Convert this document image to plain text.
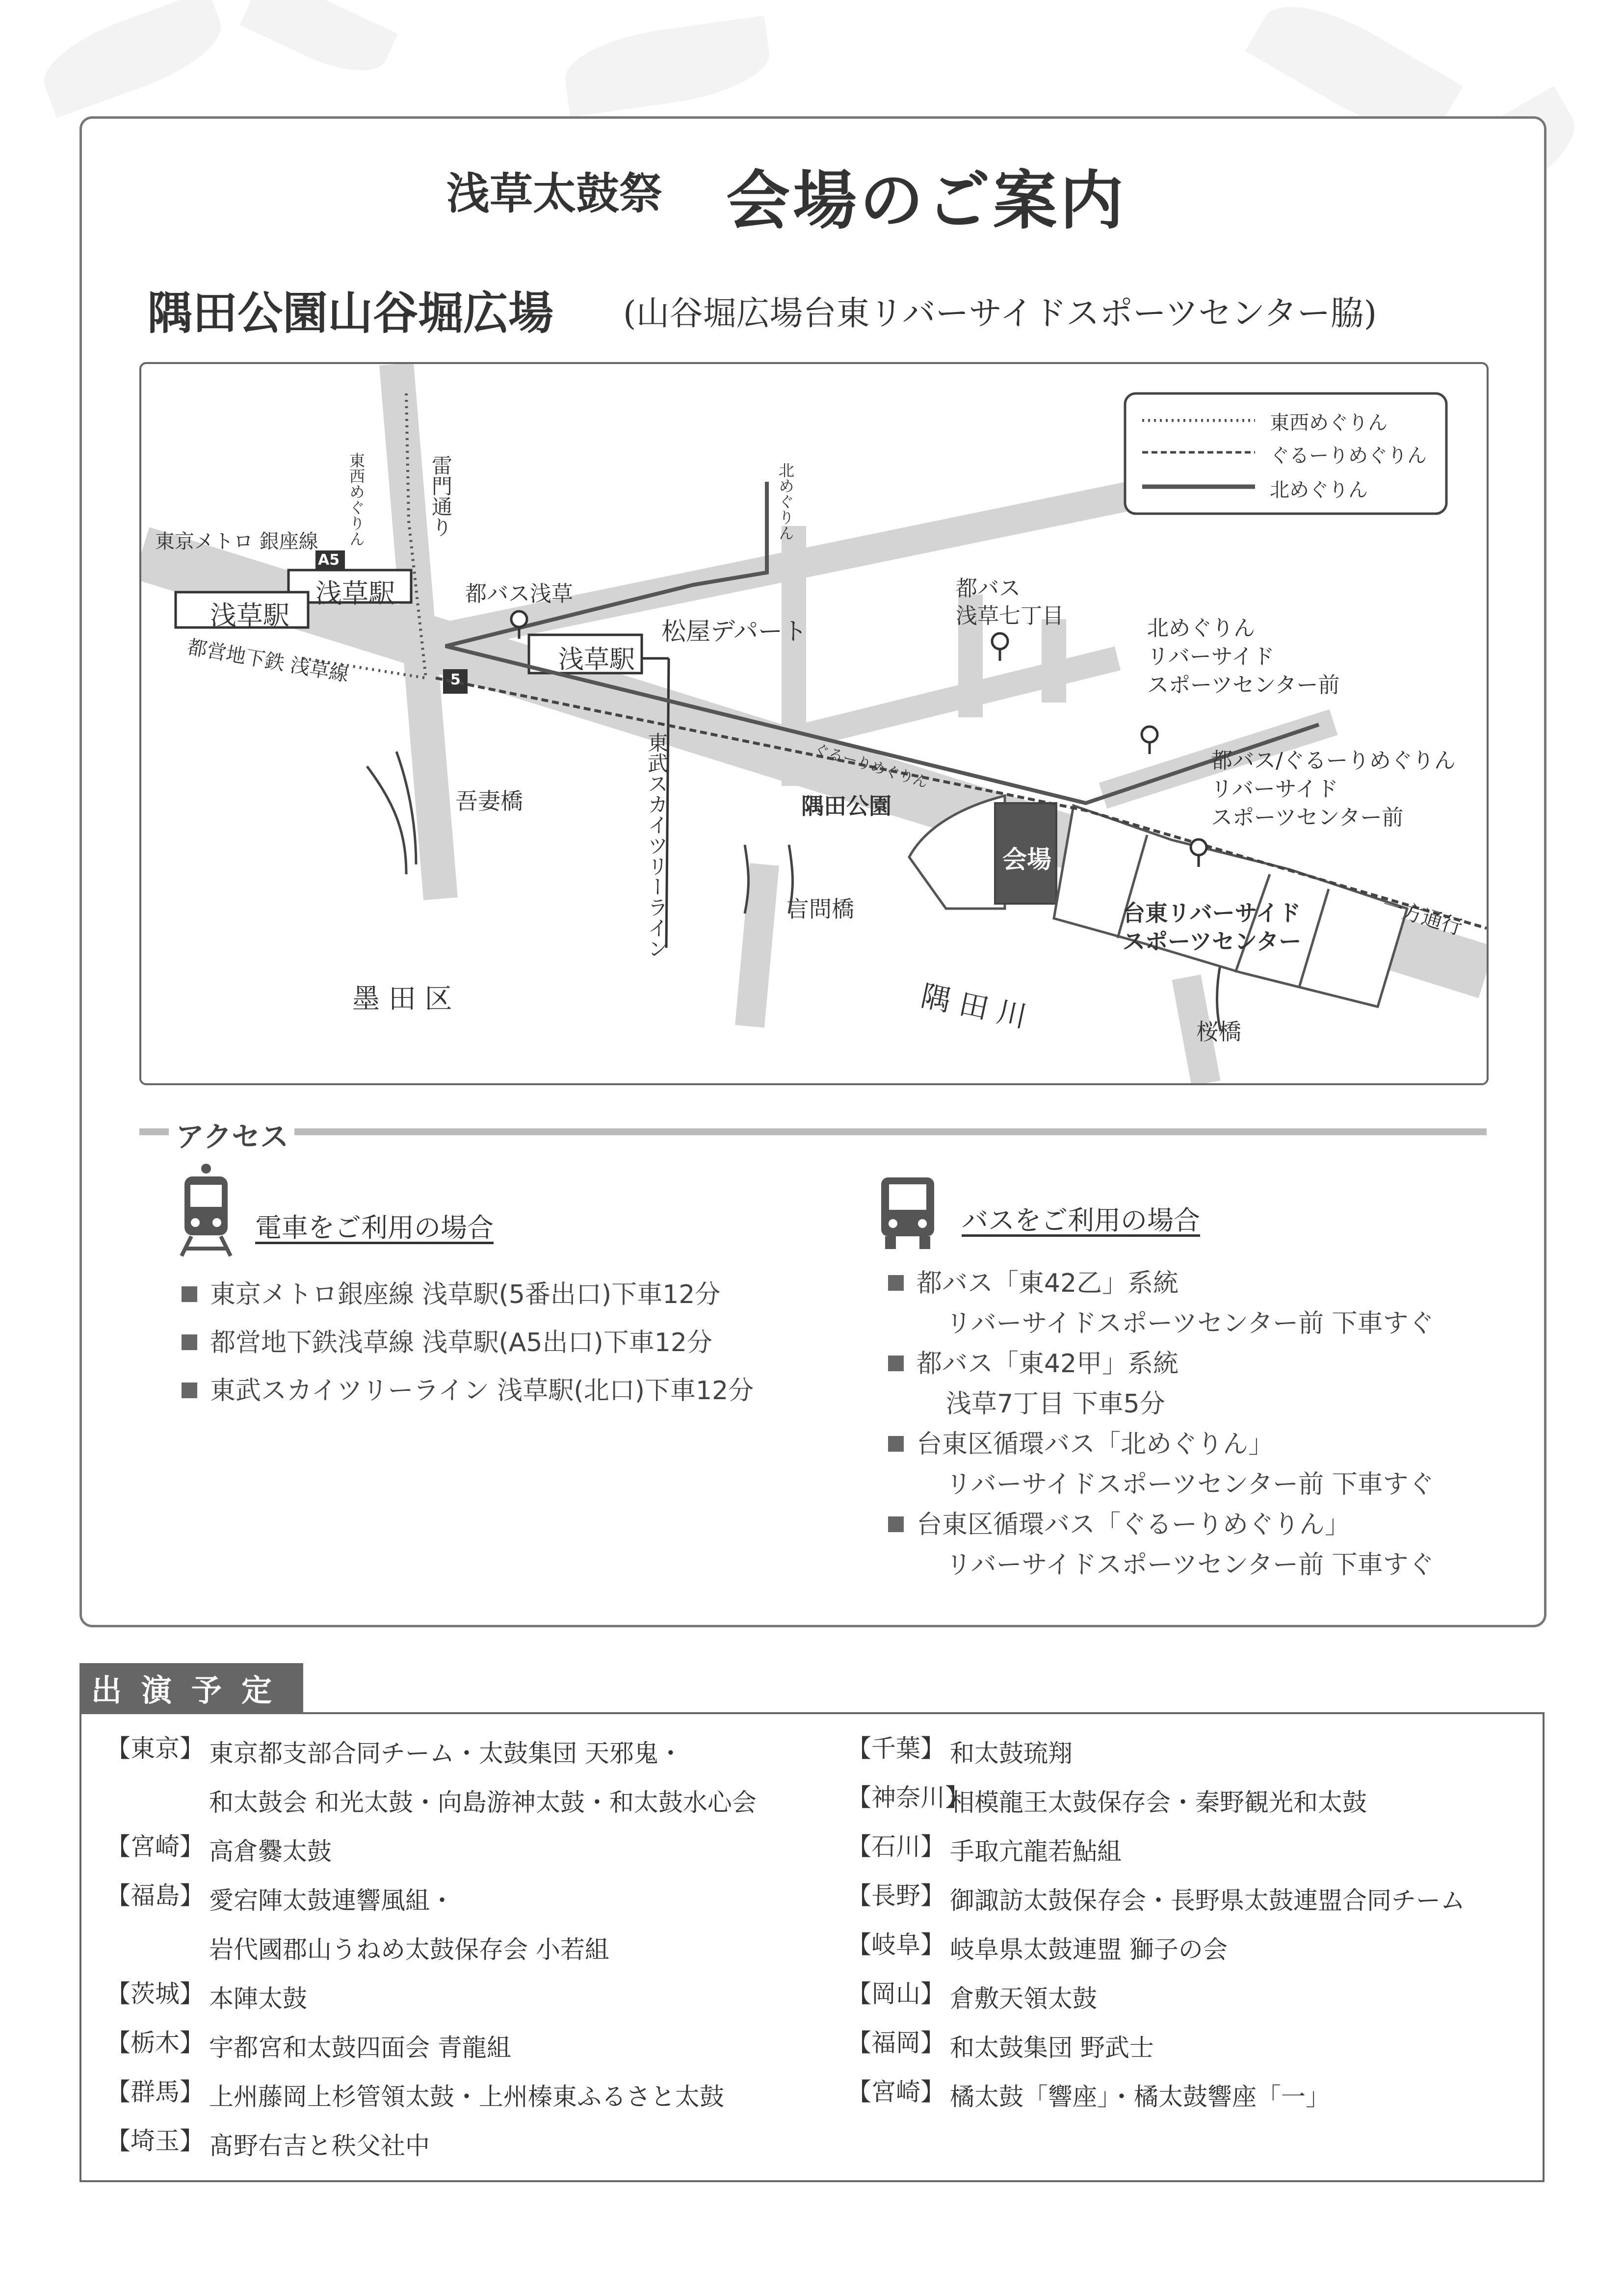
浅草太鼓祭 会場のご案内
隅田公園山谷堀広場 (山谷堀広場台東リバーサイドスポーツセンター脇)
東西めぐりん
ぐるーりめぐりん
北めぐりん
東京メトロ 銀座線
A5
浅草駅
浅草駅
都営地下鉄 浅草線	5
東西めぐりん	雷門通り	北めぐりん
都バス浅草
浅草駅
松屋デパート
東武スカイツリーライン
都バス
浅草七丁目	北めぐりん
リバーサイド
スポーツセンター前
都バス/ぐるーりめぐりん
リバーサイド
スポーツセンター前
ぐるーりめぐりん
吾妻橋	隅田公園
会場
言問橋	一方通行
台東リバーサイド
スポーツセンター
墨 田 区	隅 田 川	桜橋
アクセス
電車をご利用の場合
東京メトロ銀座線 浅草駅(5番出口)下車12分
都営地下鉄浅草線 浅草駅(A5出口)下車12分
東武スカイツリーライン 浅草駅(北口)下車12分
バスをご利用の場合
都バス「東42乙」系統
リバーサイドスポーツセンター前 下車すぐ
都バス「東42甲」系統
浅草7丁目 下車5分
台東区循環バス「北めぐりん」
リバーサイドスポーツセンター前 下車すぐ
台東区循環バス「ぐるーりめぐりん」
リバーサイドスポーツセンター前 下車すぐ
出演予定
【東京】 東京都支部合同チーム・太鼓集団 天邪鬼・
和太鼓会 和光太鼓・向島游神太鼓・和太鼓水心会
【宮崎】 高倉爨太鼓
【福島】 愛宕陣太鼓連響風組・
岩代國郡山うねめ太鼓保存会 小若組
【茨城】 本陣太鼓
【栃木】 宇都宮和太鼓四面会 青龍組
【群馬】 上州藤岡上杉管領太鼓・上州榛東ふるさと太鼓
【埼玉】 髙野右吉と秩父社中
【千葉】 和太鼓琉翔
【神奈川】相模龍王太鼓保存会・秦野観光和太鼓
【石川】 手取亢龍若鮎組
【長野】 御諏訪太鼓保存会・長野県太鼓連盟合同チーム
【岐阜】 岐阜県太鼓連盟 獅子の会
【岡山】 倉敷天領太鼓
【福岡】 和太鼓集団 野武士
【宮崎】 橘太鼓「響座」・橘太鼓響座「一」
